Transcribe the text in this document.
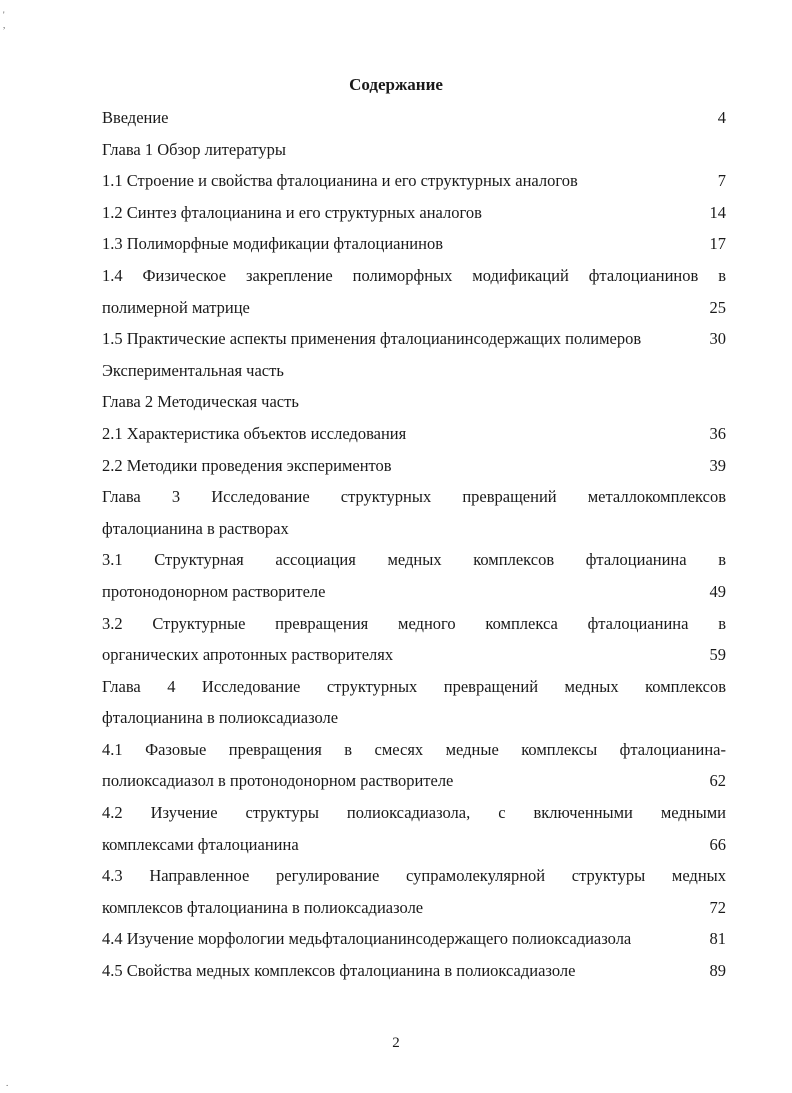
'
,
.
Содержание
Введение	4
Глава 1 Обзор литературы
1.1 Строение и свойства фталоцианина и его структурных аналогов	7
1.2 Синтез фталоцианина и его структурных аналогов	14
1.3 Полиморфные модификации фталоцианинов	17
1.4 Физическое закрепление полиморфных модификаций фталоцианинов в
полимерной матрице	25
1.5 Практические аспекты применения фталоцианинсодержащих полимеров	30
Экспериментальная часть
Глава 2 Методическая часть
2.1 Характеристика объектов исследования	36
2.2 Методики проведения экспериментов	39
Глава 3 Исследование структурных превращений металлокомплексов
фталоцианина в растворах
3.1 Структурная ассоциация медных комплексов фталоцианина в
протонодонорном растворителе	49
3.2 Структурные превращения медного комплекса фталоцианина в
органических апротонных растворителях	59
Глава 4 Исследование структурных превращений медных комплексов
фталоцианина в полиоксадиазоле
4.1 Фазовые превращения в смесях медные комплексы фталоцианина-
полиоксадиазол в протонодонорном растворителе	62
4.2 Изучение структуры полиоксадиазола, с включенными медными
комплексами фталоцианина	66
4.3 Направленное регулирование супрамолекулярной структуры медных
комплексов фталоцианина в полиоксадиазоле	72
4.4 Изучение морфологии медьфталоцианинсодержащего полиоксадиазола	81
4.5 Свойства медных комплексов фталоцианина в полиоксадиазоле	89
2
